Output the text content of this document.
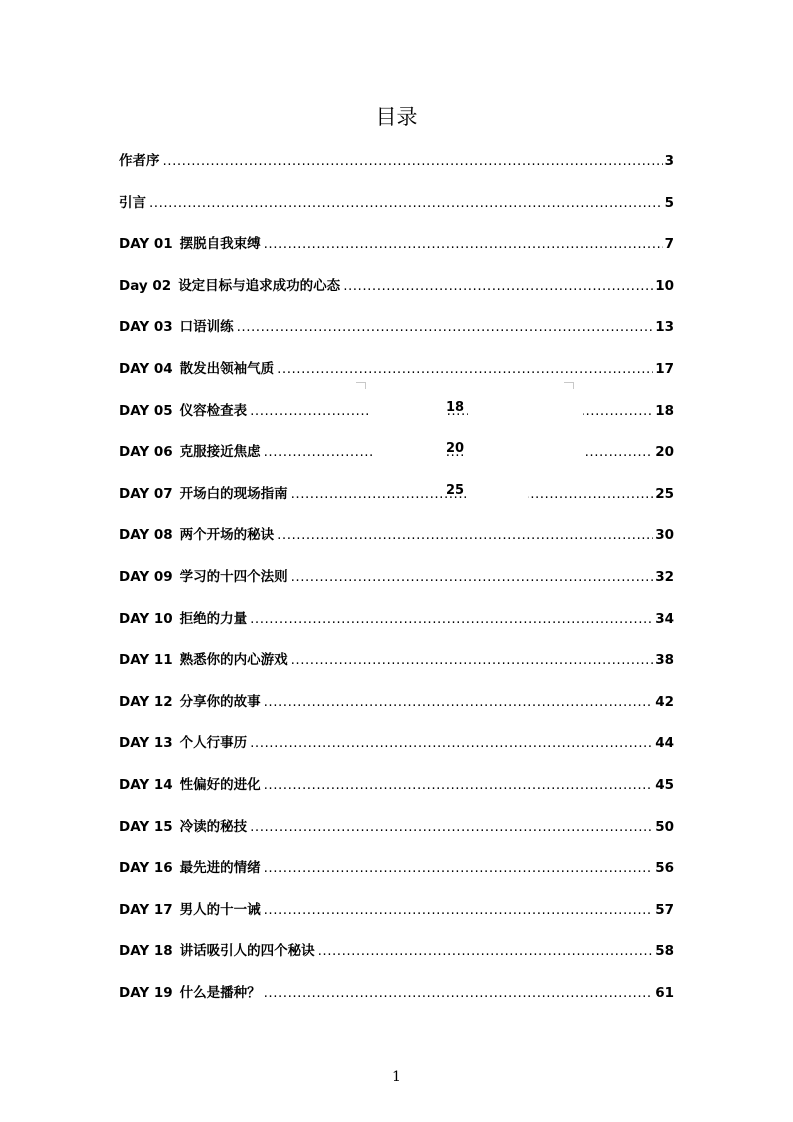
目录
作者序 .....	3
引言 .....	5
DAY 01 摆脱自我束缚 .....	7
Day 02 设定目标与追求成功的心态 .....	10
DAY 03 口语训练 .....	13
DAY 04 散发出领袖气质 .....	17
DAY 05 仪容检查表 .....	18
DAY 06 克服接近焦虑 .....	20
DAY 07 开场白的现场指南 .....	25
DAY 08 两个开场的秘诀 .....	30
DAY 09 学习的十四个法则 .....	32
DAY 10 拒绝的力量 .....	34
DAY 11 熟悉你的内心游戏 .....	38
DAY 12 分享你的故事 .....	42
DAY 13 个人行事历 .....	44
DAY 14 性偏好的进化 .....	45
DAY 15 冷读的秘技 .....	50
DAY 16 最先进的情绪 .....	56
DAY 17 男人的十一诫 .....	57
DAY 18 讲话吸引人的四个秘诀 .....	58
DAY 19 什么是播种？ .....	61
18
20
25
1
